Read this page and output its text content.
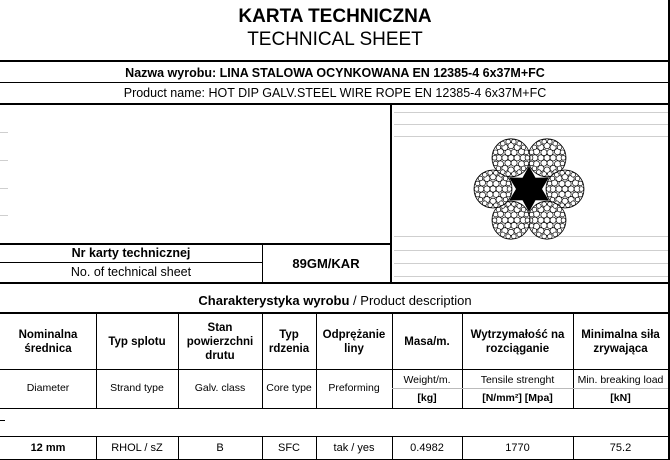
KARTA TECHNICZNA
TECHNICAL SHEET
Nazwa wyrobu: LINA STALOWA OCYNKOWANA EN 12385-4 6x37M+FC
Product name: HOT DIP GALV.STEEL WIRE ROPE EN 12385-4 6x37M+FC
Nr karty technicznej
No. of technical sheet
89GM/KAR
Charakterystyka wyrobu / Product description
Nominalna średnica
Diameter
12 mm
Typ splotu
Strand type
RHOL / sZ
Stan powierzchni drutu
Galv. class
B
Typ rdzenia
Core type
SFC
Odprężanie liny
Preforming
tak / yes
Masa/m.
Weight/m.
[kg]
0.4982
Wytrzymałość na rozciąganie
Tensile strenght
[N/mm²] [Mpa]
1770
Minimalna siła zrywająca
Min. breaking load
[kN]
75.2
